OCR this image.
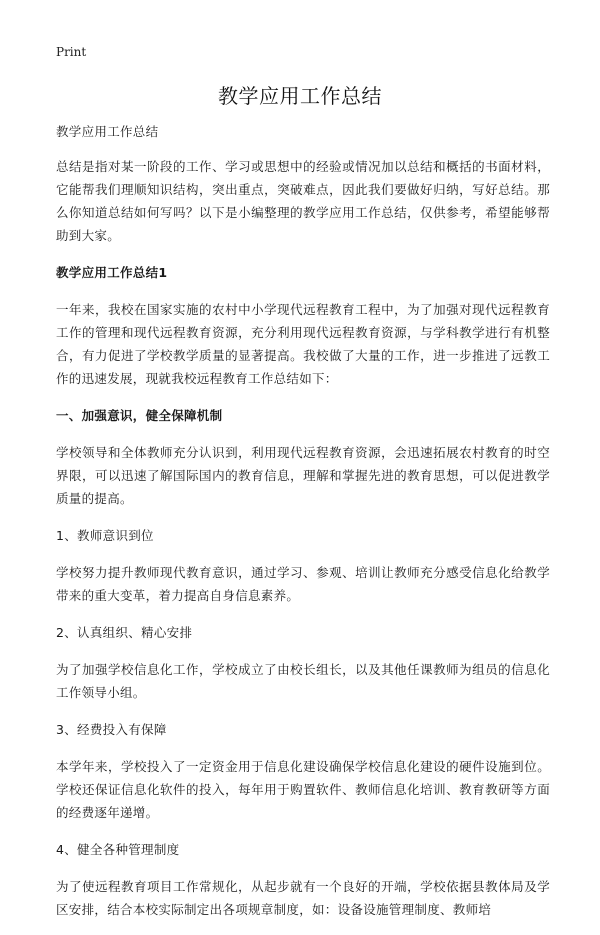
Print
教学应用工作总结

教学应用工作总结

总结是指对某一阶段的工作、学习或思想中的经验或情况加以总结和概括的书面材料，它能帮我们理顺知识结构，突出重点，突破难点，因此我们要做好归纳，写好总结。那么你知道总结如何写吗？以下是小编整理的教学应用工作总结，仅供参考，希望能够帮助到大家。

教学应用工作总结1

一年来，我校在国家实施的农村中小学现代远程教育工程中，为了加强对现代远程教育工作的管理和现代远程教育资源，充分利用现代远程教育资源，与学科教学进行有机整合，有力促进了学校教学质量的显著提高。我校做了大量的工作，进一步推进了远教工作的迅速发展，现就我校远程教育工作总结如下：

一、加强意识，健全保障机制

学校领导和全体教师充分认识到，利用现代远程教育资源，会迅速拓展农村教育的时空界限，可以迅速了解国际国内的教育信息，理解和掌握先进的教育思想，可以促进教学质量的提高。

1、教师意识到位

学校努力提升教师现代教育意识，通过学习、参观、培训让教师充分感受信息化给教学带来的重大变革，着力提高自身信息素养。

2、认真组织、精心安排

为了加强学校信息化工作，学校成立了由校长组长，以及其他任课教师为组员的信息化工作领导小组。

3、经费投入有保障

本学年来，学校投入了一定资金用于信息化建设确保学校信息化建设的硬件设施到位。学校还保证信息化软件的投入，每年用于购置软件、教师信息化培训、教育教研等方面的经费逐年递增。

4、健全各种管理制度

为了使远程教育项目工作常规化，从起步就有一个良好的开端，学校依据县教体局及学区安排，结合本校实际制定出各项规章制度，如：设备设施管理制度、教师培
